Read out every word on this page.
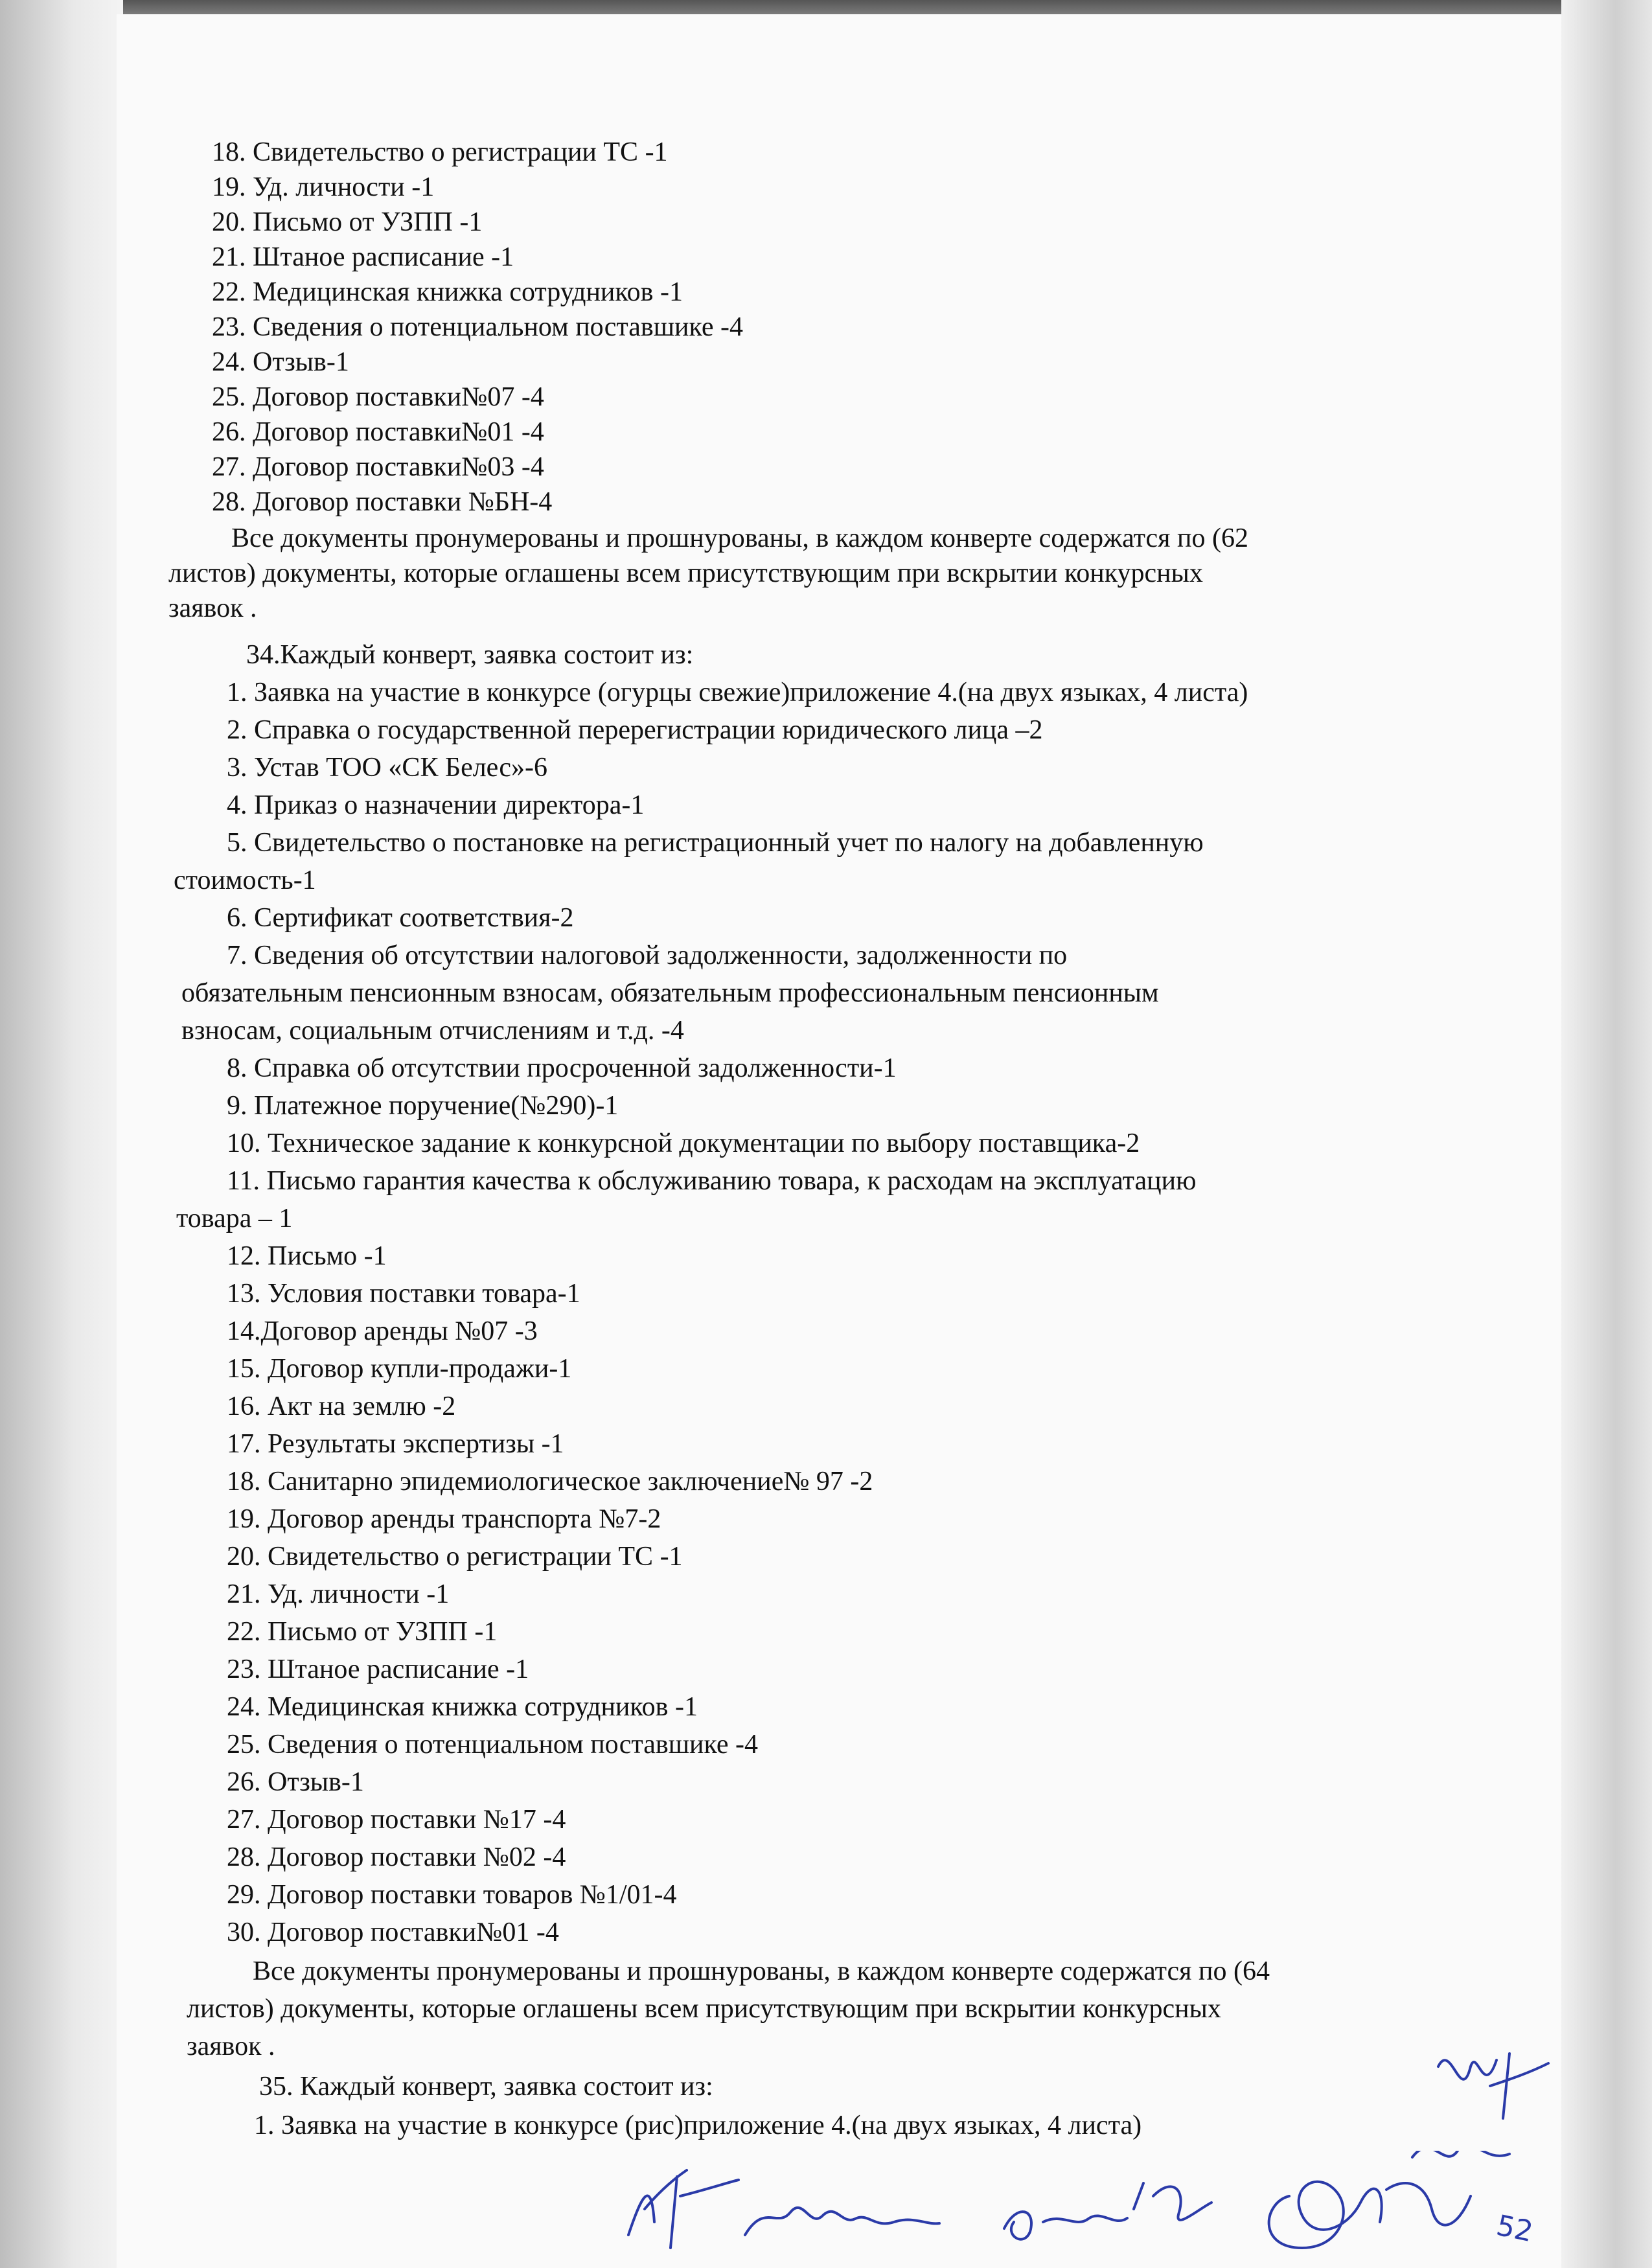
18. Свидетельство о регистрации ТС -1
19. Уд. личности -1
20. Письмо от УЗПП -1
21. Штаное расписание -1
22. Медицинская книжка сотрудников -1
23. Сведения о потенциальном поставшике -4
24. Отзыв-1
25. Договор поставки№07 -4
26. Договор поставки№01 -4
27. Договор поставки№03 -4
28. Договор поставки №БН-4
Все документы пронумерованы и прошнурованы, в каждом конверте содержатся по (62
листов) документы, которые оглашены всем присутствующим при вскрытии конкурсных
заявок .
34.Каждый конверт, заявка состоит из:
1. Заявка на участие в конкурсе (огурцы свежие)приложение 4.(на двух языках, 4 листа)
2. Справка о государственной перерегистрации юридического лица –2
3. Устав ТОО «СК Белес»-6
4. Приказ о назначении директора-1
5. Свидетельство о постановке на регистрационный учет по налогу на добавленную
стоимость-1
6. Сертификат соответствия-2
7. Сведения об отсутствии налоговой задолженности, задолженности по
обязательным пенсионным взносам, обязательным профессиональным пенсионным
взносам, социальным отчислениям и т.д. -4
8. Справка об отсутствии просроченной задолженности-1
9. Платежное поручение(№290)-1
10. Техническое задание к конкурсной документации по выбору поставщика-2
11. Письмо гарантия качества к обслуживанию товара, к расходам на эксплуатацию
товара – 1
12. Письмо -1
13. Условия поставки товара-1
14.Договор аренды №07 -3
15. Договор купли-продажи-1
16. Акт на землю -2
17. Результаты экспертизы -1
18. Санитарно эпидемиологическое заключение№ 97 -2
19. Договор аренды транспорта №7-2
20. Свидетельство о регистрации ТС -1
21. Уд. личности -1
22. Письмо от УЗПП -1
23. Штаное расписание -1
24. Медицинская книжка сотрудников -1
25. Сведения о потенциальном поставшике -4
26. Отзыв-1
27. Договор поставки №17 -4
28. Договор поставки №02 -4
29. Договор поставки товаров №1/01-4
30. Договор поставки№01 -4
Все документы пронумерованы и прошнурованы, в каждом конверте содержатся по (64
листов) документы, которые оглашены всем присутствующим при вскрытии конкурсных
заявок .
35. Каждый конверт, заявка состоит из:
1. Заявка на участие в конкурсе (рис)приложение 4.(на двух языках, 4 листа)
52
